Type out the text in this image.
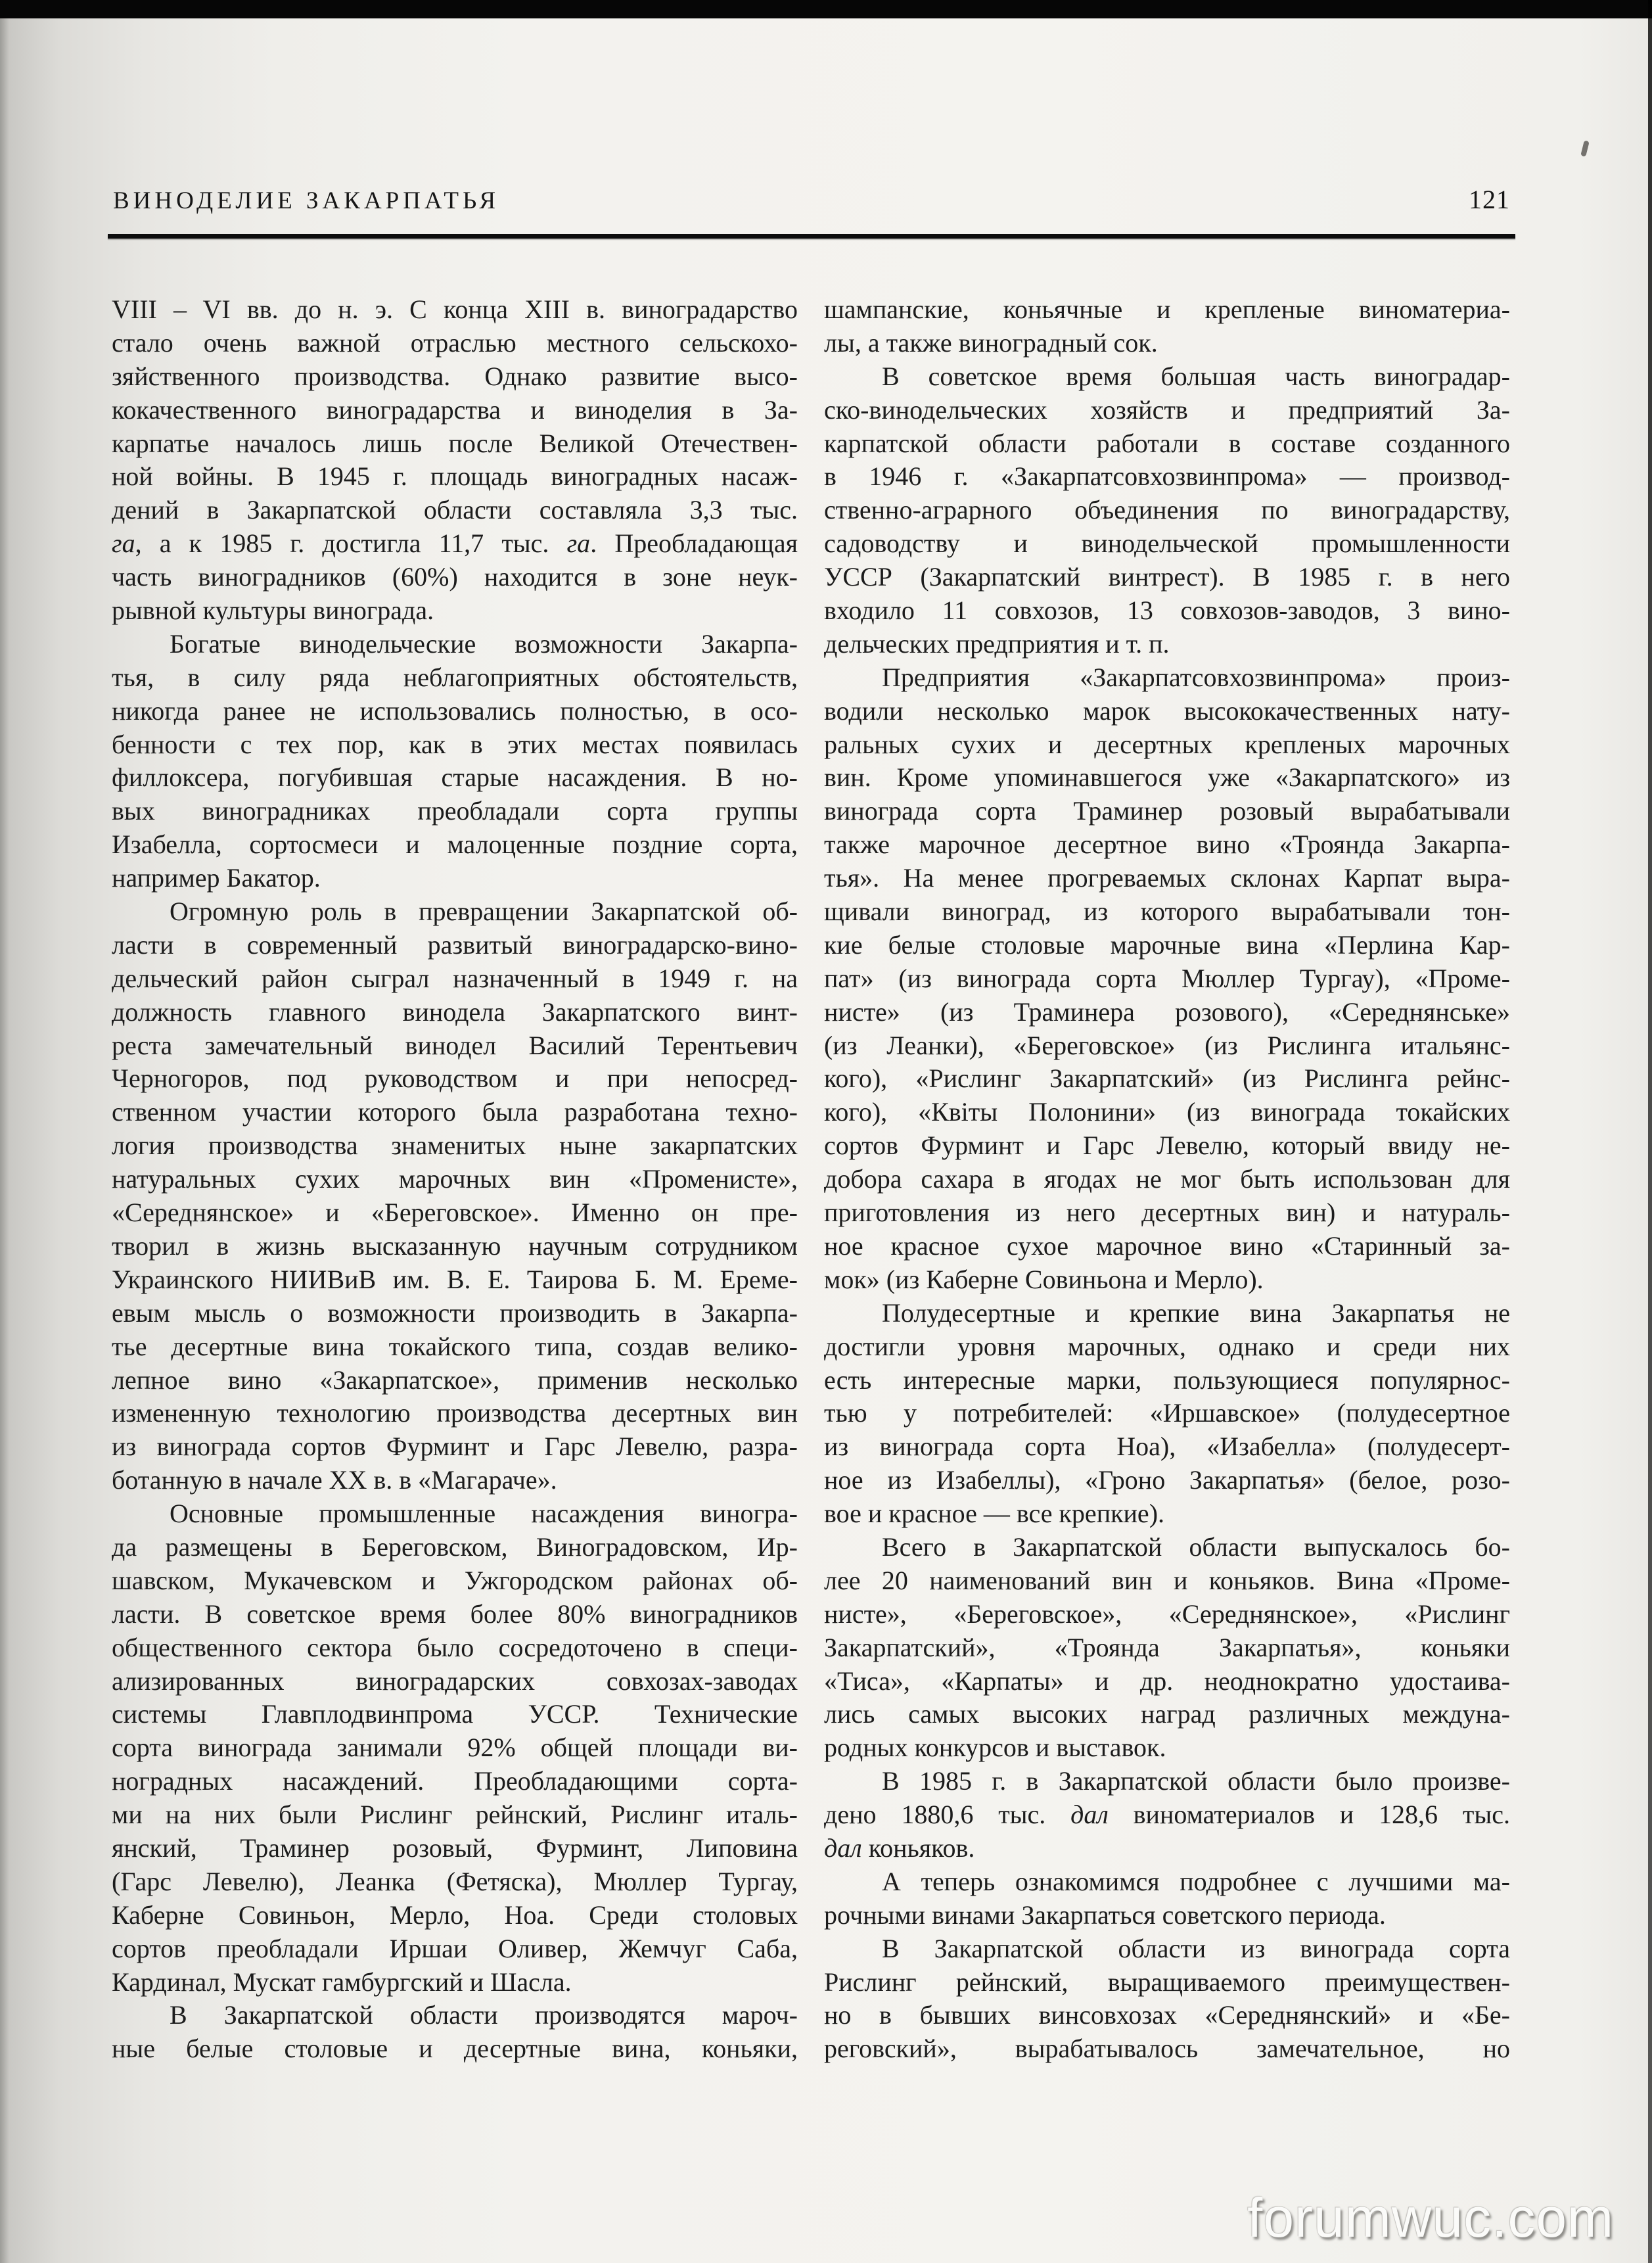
ВИНОДЕЛИЕ ЗАКАРПАТЬЯ	121
VIII – VI вв. до н. э. С конца XIII в. виноградарство
стало очень важной отраслью местного сельскохо-
зяйственного производства. Однако развитие высо-
кокачественного виноградарства и виноделия в За-
карпатье началось лишь после Великой Отечествен-
ной войны. В 1945 г. площадь виноградных насаж-
дений в Закарпатской области составляла 3,3 тыс.
га, а к 1985 г. достигла 11,7 тыс. га. Преобладающая
часть виноградников (60%) находится в зоне неук-
рывной культуры винограда.
Богатые винодельческие возможности Закарпа-
тья, в силу ряда неблагоприятных обстоятельств,
никогда ранее не использовались полностью, в осо-
бенности с тех пор, как в этих местах появилась
филлоксера, погубившая старые насаждения. В но-
вых виноградниках преобладали сорта группы
Изабелла, сортосмеси и малоценные поздние сорта,
например Бакатор.
Огромную роль в превращении Закарпатской об-
ласти в современный развитый виноградарско-вино-
дельческий район сыграл назначенный в 1949 г. на
должность главного винодела Закарпатского винт-
реста замечательный винодел Василий Терентьевич
Черногоров, под руководством и при непосред-
ственном участии которого была разработана техно-
логия производства знаменитых ныне закарпатских
натуральных сухих марочных вин «Променисте»,
«Середнянское» и «Береговское». Именно он пре-
творил в жизнь высказанную научным сотрудником
Украинского НИИВиВ им. В. Е. Таирова Б. М. Ереме-
евым мысль о возможности производить в Закарпа-
тье десертные вина токайского типа, создав велико-
лепное вино «Закарпатское», применив несколько
измененную технологию производства десертных вин
из винограда сортов Фурминт и Гарс Левелю, разра-
ботанную в начале XX в. в «Магараче».
Основные промышленные насаждения виногра-
да размещены в Береговском, Виноградовском, Ир-
шавском, Мукачевском и Ужгородском районах об-
ласти. В советское время более 80% виноградников
общественного сектора было сосредоточено в специ-
ализированных виноградарских совхозах-заводах
системы Главплодвинпрома УССР. Технические
сорта винограда занимали 92% общей площади ви-
ноградных насаждений. Преобладающими сорта-
ми на них были Рислинг рейнский, Рислинг италь-
янский, Траминер розовый, Фурминт, Липовина
(Гарс Левелю), Леанка (Фетяска), Мюллер Тургау,
Каберне Совиньон, Мерло, Ноа. Среди столовых
сортов преобладали Иршаи Оливер, Жемчуг Саба,
Кардинал, Мускат гамбургский и Шасла.
В Закарпатской области производятся мароч-
ные белые столовые и десертные вина, коньяки,
шампанские, коньячные и крепленые виноматериа-
лы, а также виноградный сок.
В советское время большая часть виноградар-
ско-винодельческих хозяйств и предприятий За-
карпатской области работали в составе созданного
в 1946 г. «Закарпатсовхозвинпрома» — производ-
ственно-аграрного объединения по виноградарству,
садоводству и винодельческой промышленности
УССР (Закарпатский винтрест). В 1985 г. в него
входило 11 совхозов, 13 совхозов-заводов, 3 вино-
дельческих предприятия и т. п.
Предприятия «Закарпатсовхозвинпрома» произ-
водили несколько марок высококачественных нату-
ральных сухих и десертных крепленых марочных
вин. Кроме упоминавшегося уже «Закарпатского» из
винограда сорта Траминер розовый вырабатывали
также марочное десертное вино «Троянда Закарпа-
тья». На менее прогреваемых склонах Карпат выра-
щивали виноград, из которого вырабатывали тон-
кие белые столовые марочные вина «Перлина Кар-
пат» (из винограда сорта Мюллер Тургау), «Проме-
ниcте» (из Траминера розового), «Середнянське»
(из Леанки), «Береговское» (из Рислинга итальянс-
кого), «Рислинг Закарпатский» (из Рислинга рейнс-
кого), «Квіты Полонини» (из винограда токайских
сортов Фурминт и Гарс Левелю, который ввиду не-
добора сахара в ягодах не мог быть использован для
приготовления из него десертных вин) и натураль-
ное красное сухое марочное вино «Старинный за-
мок» (из Каберне Совиньона и Мерло).
Полудесертные и крепкие вина Закарпатья не
достигли уровня марочных, однако и среди них
есть интересные марки, пользующиеся популярнос-
тью у потребителей: «Иршавское» (полудесертное
из винограда сорта Ноа), «Изабелла» (полудесерт-
ное из Изабеллы), «Гроно Закарпатья» (белое, розо-
вое и красное — все крепкие).
Всего в Закарпатской области выпускалось бо-
лее 20 наименований вин и коньяков. Вина «Проме-
ниcте», «Береговское», «Середнянское», «Рислинг
Закарпатский», «Троянда Закарпатья», коньяки
«Тиса», «Карпаты» и др. неоднократно удостаива-
лись самых высоких наград различных междуна-
родных конкурсов и выставок.
В 1985 г. в Закарпатской области было произве-
дено 1880,6 тыс. дал виноматериалов и 128,6 тыс.
дал коньяков.
А теперь ознакомимся подробнее с лучшими ма-
рочными винами Закарпаться советского периода.
В Закарпатской области из винограда сорта
Рислинг рейнский, выращиваемого преимуществен-
но в бывших винсовхозах «Середнянский» и «Бе-
реговский», вырабатывалось замечательное, но
forumwuc.com
